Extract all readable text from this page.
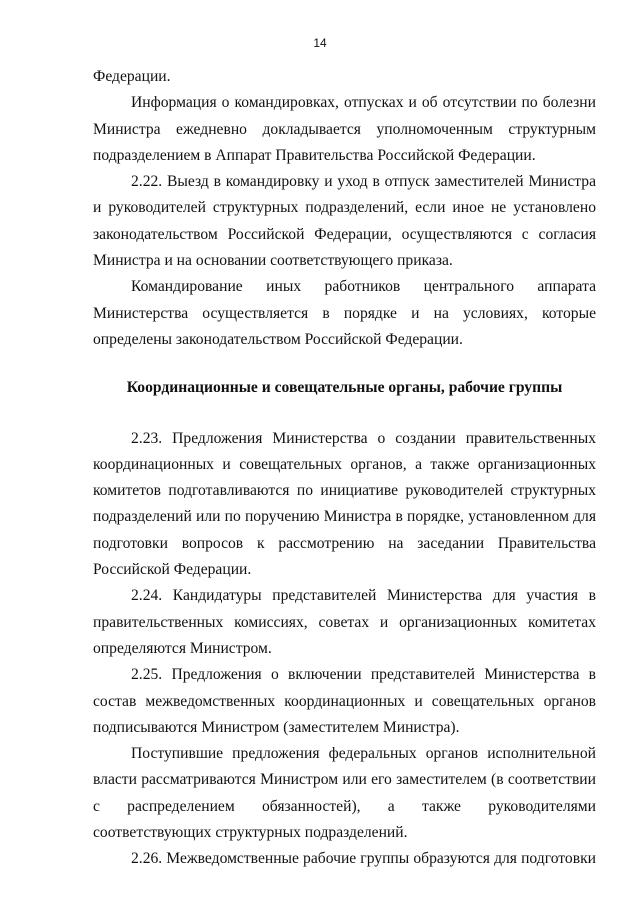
14

Федерации.

Информация о командировках, отпусках и об отсутствии по болезни Министра ежедневно докладывается уполномоченным структурным подразделением в Аппарат Правительства Российской Федерации.

2.22. Выезд в командировку и уход в отпуск заместителей Министра и руководителей структурных подразделений, если иное не установлено законодательством Российской Федерации, осуществляются с согласия Министра и на основании соответствующего приказа.

Командирование иных работников центрального аппарата Министерства осуществляется в порядке и на условиях, которые определены законодательством Российской Федерации.

Координационные и совещательные органы, рабочие группы

2.23. Предложения Министерства о создании правительственных координационных и совещательных органов, а также организационных комитетов подготавливаются по инициативе руководителей структурных подразделений или по поручению Министра в порядке, установленном для подготовки вопросов к рассмотрению на заседании Правительства Российской Федерации.

2.24. Кандидатуры представителей Министерства для участия в правительственных комиссиях, советах и организационных комитетах определяются Министром.

2.25. Предложения о включении представителей Министерства в состав межведомственных координационных и совещательных органов подписываются Министром (заместителем Министра).

Поступившие предложения федеральных органов исполнительной власти рассматриваются Министром или его заместителем (в соответствии с распределением обязанностей), а также руководителями соответствующих структурных подразделений.

2.26. Межведомственные рабочие группы образуются для подготовки
